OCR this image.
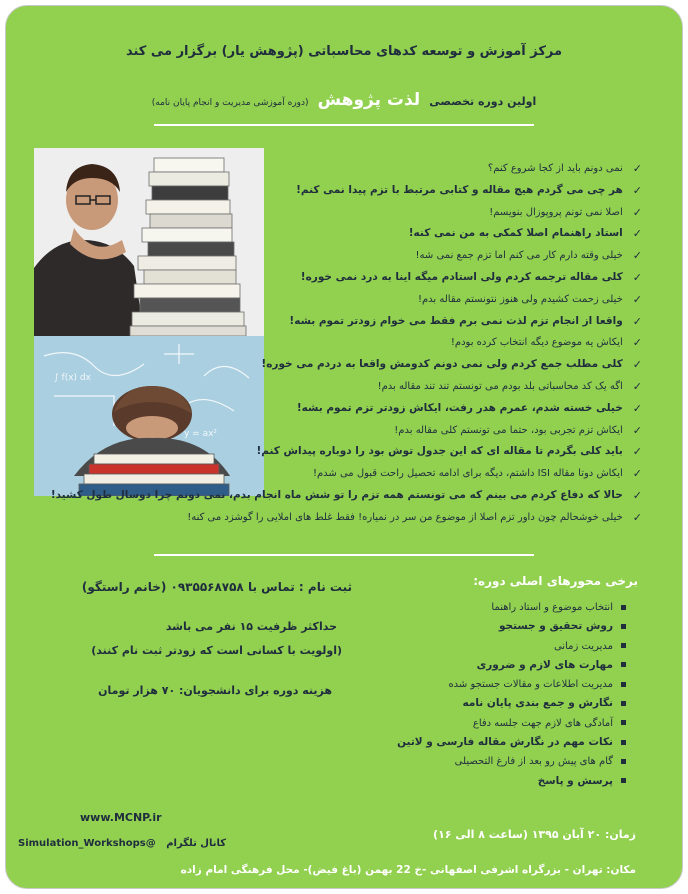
مرکز آموزش و توسعه کدهای محاسباتی (پژوهش یار) برگزار می کند
اولین دوره تخصصی لذت پژوهش (دوره آموزشی مدیریت و انجام پایان نامه)
∫ f(x) dx
y = ax²
✓
نمی دونم باید از کجا شروع کنم؟
✓
هر چی می گردم هیچ مقاله و کتابی مرتبط با تزم پیدا نمی کنم!
✓
اصلا نمی تونم پروپوزال بنویسم!
✓
استاد راهنمام اصلا کمکی به من نمی کنه!
✓
خیلی وقته دارم کار می کنم اما تزم جمع نمی شه!
✓
کلی مقاله ترجمه کردم ولی استادم میگه اینا به درد نمی خوره!
✓
خیلی زحمت کشیدم ولی هنوز نتونستم مقاله بدم!
✓
واقعا از انجام تزم لذت نمی برم فقط می خوام زودتر تموم بشه!
✓
ایکاش یه موضوع دیگه انتخاب کرده بودم!
✓
کلی مطلب جمع کردم ولی نمی دونم کدومش واقعا به دردم می خوره!
✓
اگه یک کد محاسباتی بلد بودم می تونستم تند تند مقاله بدم!
✓
خیلی خسته شدم، عمرم هدر رفت، ایکاش زودتر تزم تموم بشه!
✓
ایکاش تزم تجربی بود، حتما می تونستم کلی مقاله بدم!
✓
باید کلی بگردم تا مقاله ای که این جدول توش بود را دوباره پیداش کنم!
✓
ایکاش دوتا مقاله ISI داشتم، دیگه برای ادامه تحصیل راحت قبول می شدم!
✓
حالا که دفاع کردم می بینم که می تونستم همه تزم را تو شش ماه انجام بدم، نمی دونم چرا دوسال طول کشید!
✓
خیلی خوشحالم چون داور تزم اصلا از موضوع من سر در نمیاره! فقط غلط های املایی را گوشزد می کنه!
برخی محورهای اصلی دوره:
انتخاب موضوع و استاد راهنما
روش تحقیق و جستجو
مدیریت زمانی
مهارت های لازم و ضروری
مدیریت اطلاعات و مقالات جستجو شده
نگارش و جمع بندی پایان نامه
آمادگی های لازم جهت جلسه دفاع
نکات مهم در نگارش مقاله فارسی و لاتین
گام های پیش رو بعد از فارغ التحصیلی
پرسش و پاسخ
ثبت نام : تماس با ۰۹۳۵۵۶۸۷۵۸ (خانم راستگو)
حداکثر ظرفیت ۱۵ نفر می باشد
(اولویت با کسانی است که زودتر ثبت نام کنند)
هزینه دوره برای دانشجویان: ۷۰ هزار تومان
زمان: ۲۰ آبان ۱۳۹۵ (ساعت ۸ الی ۱۶)
مکان: تهران - بزرگراه اشرفی اصفهانی -خ 22 بهمن (باغ فیض)- محل فرهنگی امام زاده
www.MCNP.ir
کانال تلگرام   @Simulation_Workshops
